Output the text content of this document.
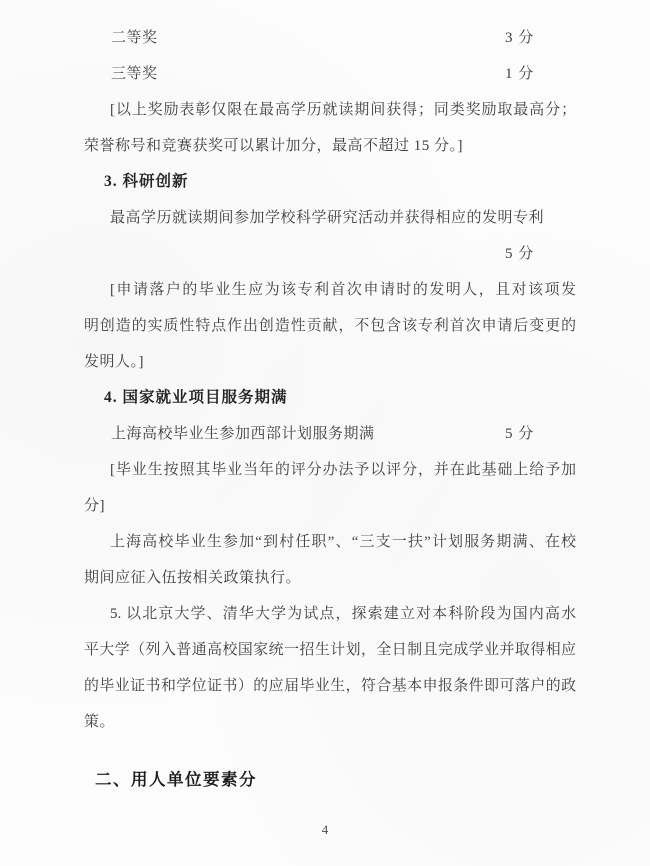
二等奖	3 分
三等奖	1 分
[以上奖励表彰仅限在最高学历就读期间获得；同类奖励取最高分；
荣誉称号和竞赛获奖可以累计加分，最高不超过 15 分。]
3. 科研创新
最高学历就读期间参加学校科学研究活动并获得相应的发明专利
5 分
[申请落户的毕业生应为该专利首次申请时的发明人，且对该项发
明创造的实质性特点作出创造性贡献，不包含该专利首次申请后变更的
发明人。]
4. 国家就业项目服务期满
上海高校毕业生参加西部计划服务期满	5 分
[毕业生按照其毕业当年的评分办法予以评分，并在此基础上给予加
分]
上海高校毕业生参加“到村任职”、“三支一扶”计划服务期满、在校
期间应征入伍按相关政策执行。
5. 以北京大学、清华大学为试点，探索建立对本科阶段为国内高水
平大学（列入普通高校国家统一招生计划，全日制且完成学业并取得相应
的毕业证书和学位证书）的应届毕业生，符合基本申报条件即可落户的政
策。
二、用人单位要素分
4
